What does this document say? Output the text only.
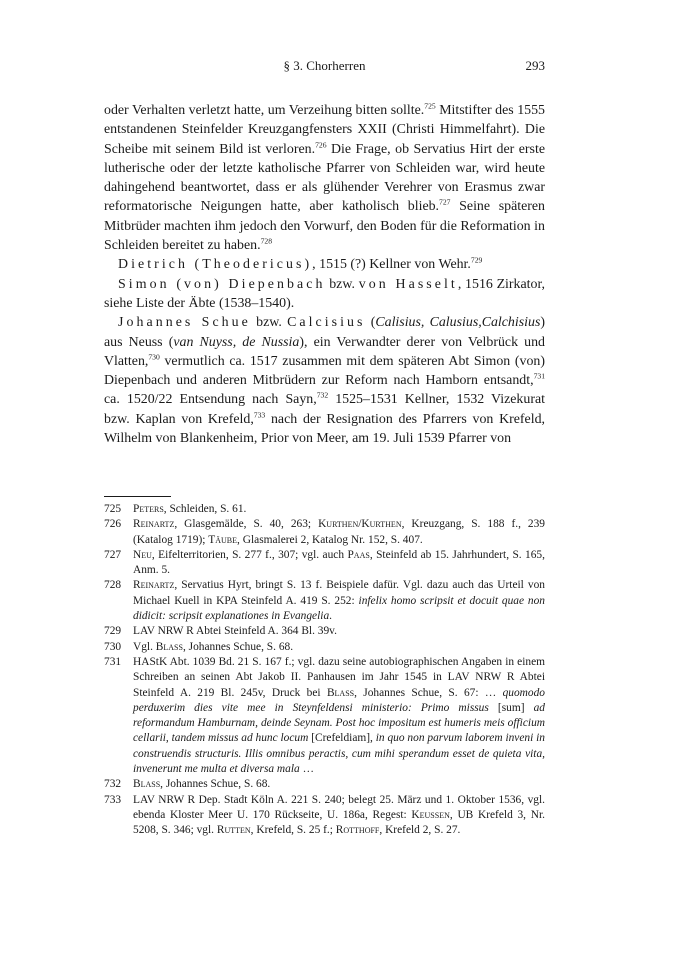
§ 3. Chorherren	293

oder Verhalten verletzt hatte, um Verzeihung bitten sollte.$^{725}$ Mitstifter des 1555 entstandenen Steinfelder Kreuzgangfensters XXII (Christi Himmelfahrt). Die Scheibe mit seinem Bild ist verloren.$^{726}$ Die Frage, ob Servatius Hirt der erste lutherische oder der letzte katholische Pfarrer von Schleiden war, wird heute dahingehend beantwortet, dass er als glühender Verehrer von Erasmus zwar reformatorische Neigungen hatte, aber katholisch blieb.$^{727}$ Seine späteren Mitbrüder machten ihm jedoch den Vorwurf, den Boden für die Reformation in Schleiden bereitet zu haben.$^{728}$

Dietrich (Theodericus), 1515 (?) Kellner von Wehr.$^{729}$

Simon (von) Diepenbach bzw. von Hasselt, 1516 Zirkator, siehe Liste der Äbte (1538–1540).

Johannes Schue bzw. Calcisius (Calisius, Calusius,Calchisius) aus Neuss (van Nuyss, de Nussia), ein Verwandter derer von Velbrück und Vlatten,$^{730}$ vermutlich ca. 1517 zusammen mit dem späteren Abt Simon (von) Diepenbach und anderen Mitbrüdern zur Reform nach Hamborn entsandt,$^{731}$ ca. 1520/22 Entsendung nach Sayn,$^{732}$ 1525–1531 Kellner, 1532 Vizekurat bzw. Kaplan von Krefeld,$^{733}$ nach der Resignation des Pfarrers von Krefeld, Wilhelm von Blankenheim, Prior von Meer, am 19. Juli 1539 Pfarrer von

725 Peters, Schleiden, S. 61.
726 Reinartz, Glasgemälde, S. 40, 263; Kurthen/Kurthen, Kreuzgang, S. 188 f., 239 (Katalog 1719); Täube, Glasmalerei 2, Katalog Nr. 152, S. 407.
727 Neu, Eifelterritorien, S. 277 f., 307; vgl. auch Paas, Steinfeld ab 15. Jahrhundert, S. 165, Anm. 5.
728 Reinartz, Servatius Hyrt, bringt S. 13 f. Beispiele dafür. Vgl. dazu auch das Urteil von Michael Kuell in KPA Steinfeld A. 419 S. 252: infelix homo scripsit et docuit quae non didicit: scripsit explanationes in Evangelia.
729 LAV NRW R Abtei Steinfeld A. 364 Bl. 39v.
730 Vgl. Blass, Johannes Schue, S. 68.
731 HAStK Abt. 1039 Bd. 21 S. 167 f.; vgl. dazu seine autobiographischen Angaben in einem Schreiben an seinen Abt Jakob II. Panhausen im Jahr 1545 in LAV NRW R Abtei Steinfeld A. 219 Bl. 245v, Druck bei Blass, Johannes Schue, S. 67: … quomodo perduxerim dies vite mee in Steynfeldensi ministerio: Primo missus [sum] ad reformandum Hamburnam, deinde Seynam. Post hoc impositum est humeris meis officium cellarii, tandem missus ad hunc locum [Crefeldiam], in quo non parvum laborem inveni in construendis structuris. Illis omnibus peractis, cum mihi sperandum esset de quieta vita, invenerunt me multa et diversa mala …
732 Blass, Johannes Schue, S. 68.
733 LAV NRW R Dep. Stadt Köln A. 221 S. 240; belegt 25. März und 1. Oktober 1536, vgl. ebenda Kloster Meer U. 170 Rückseite, U. 186a, Regest: Keussen, UB Krefeld 3, Nr. 5208, S. 346; vgl. Rutten, Krefeld, S. 25 f.; Rotthoff, Krefeld 2, S. 27.
